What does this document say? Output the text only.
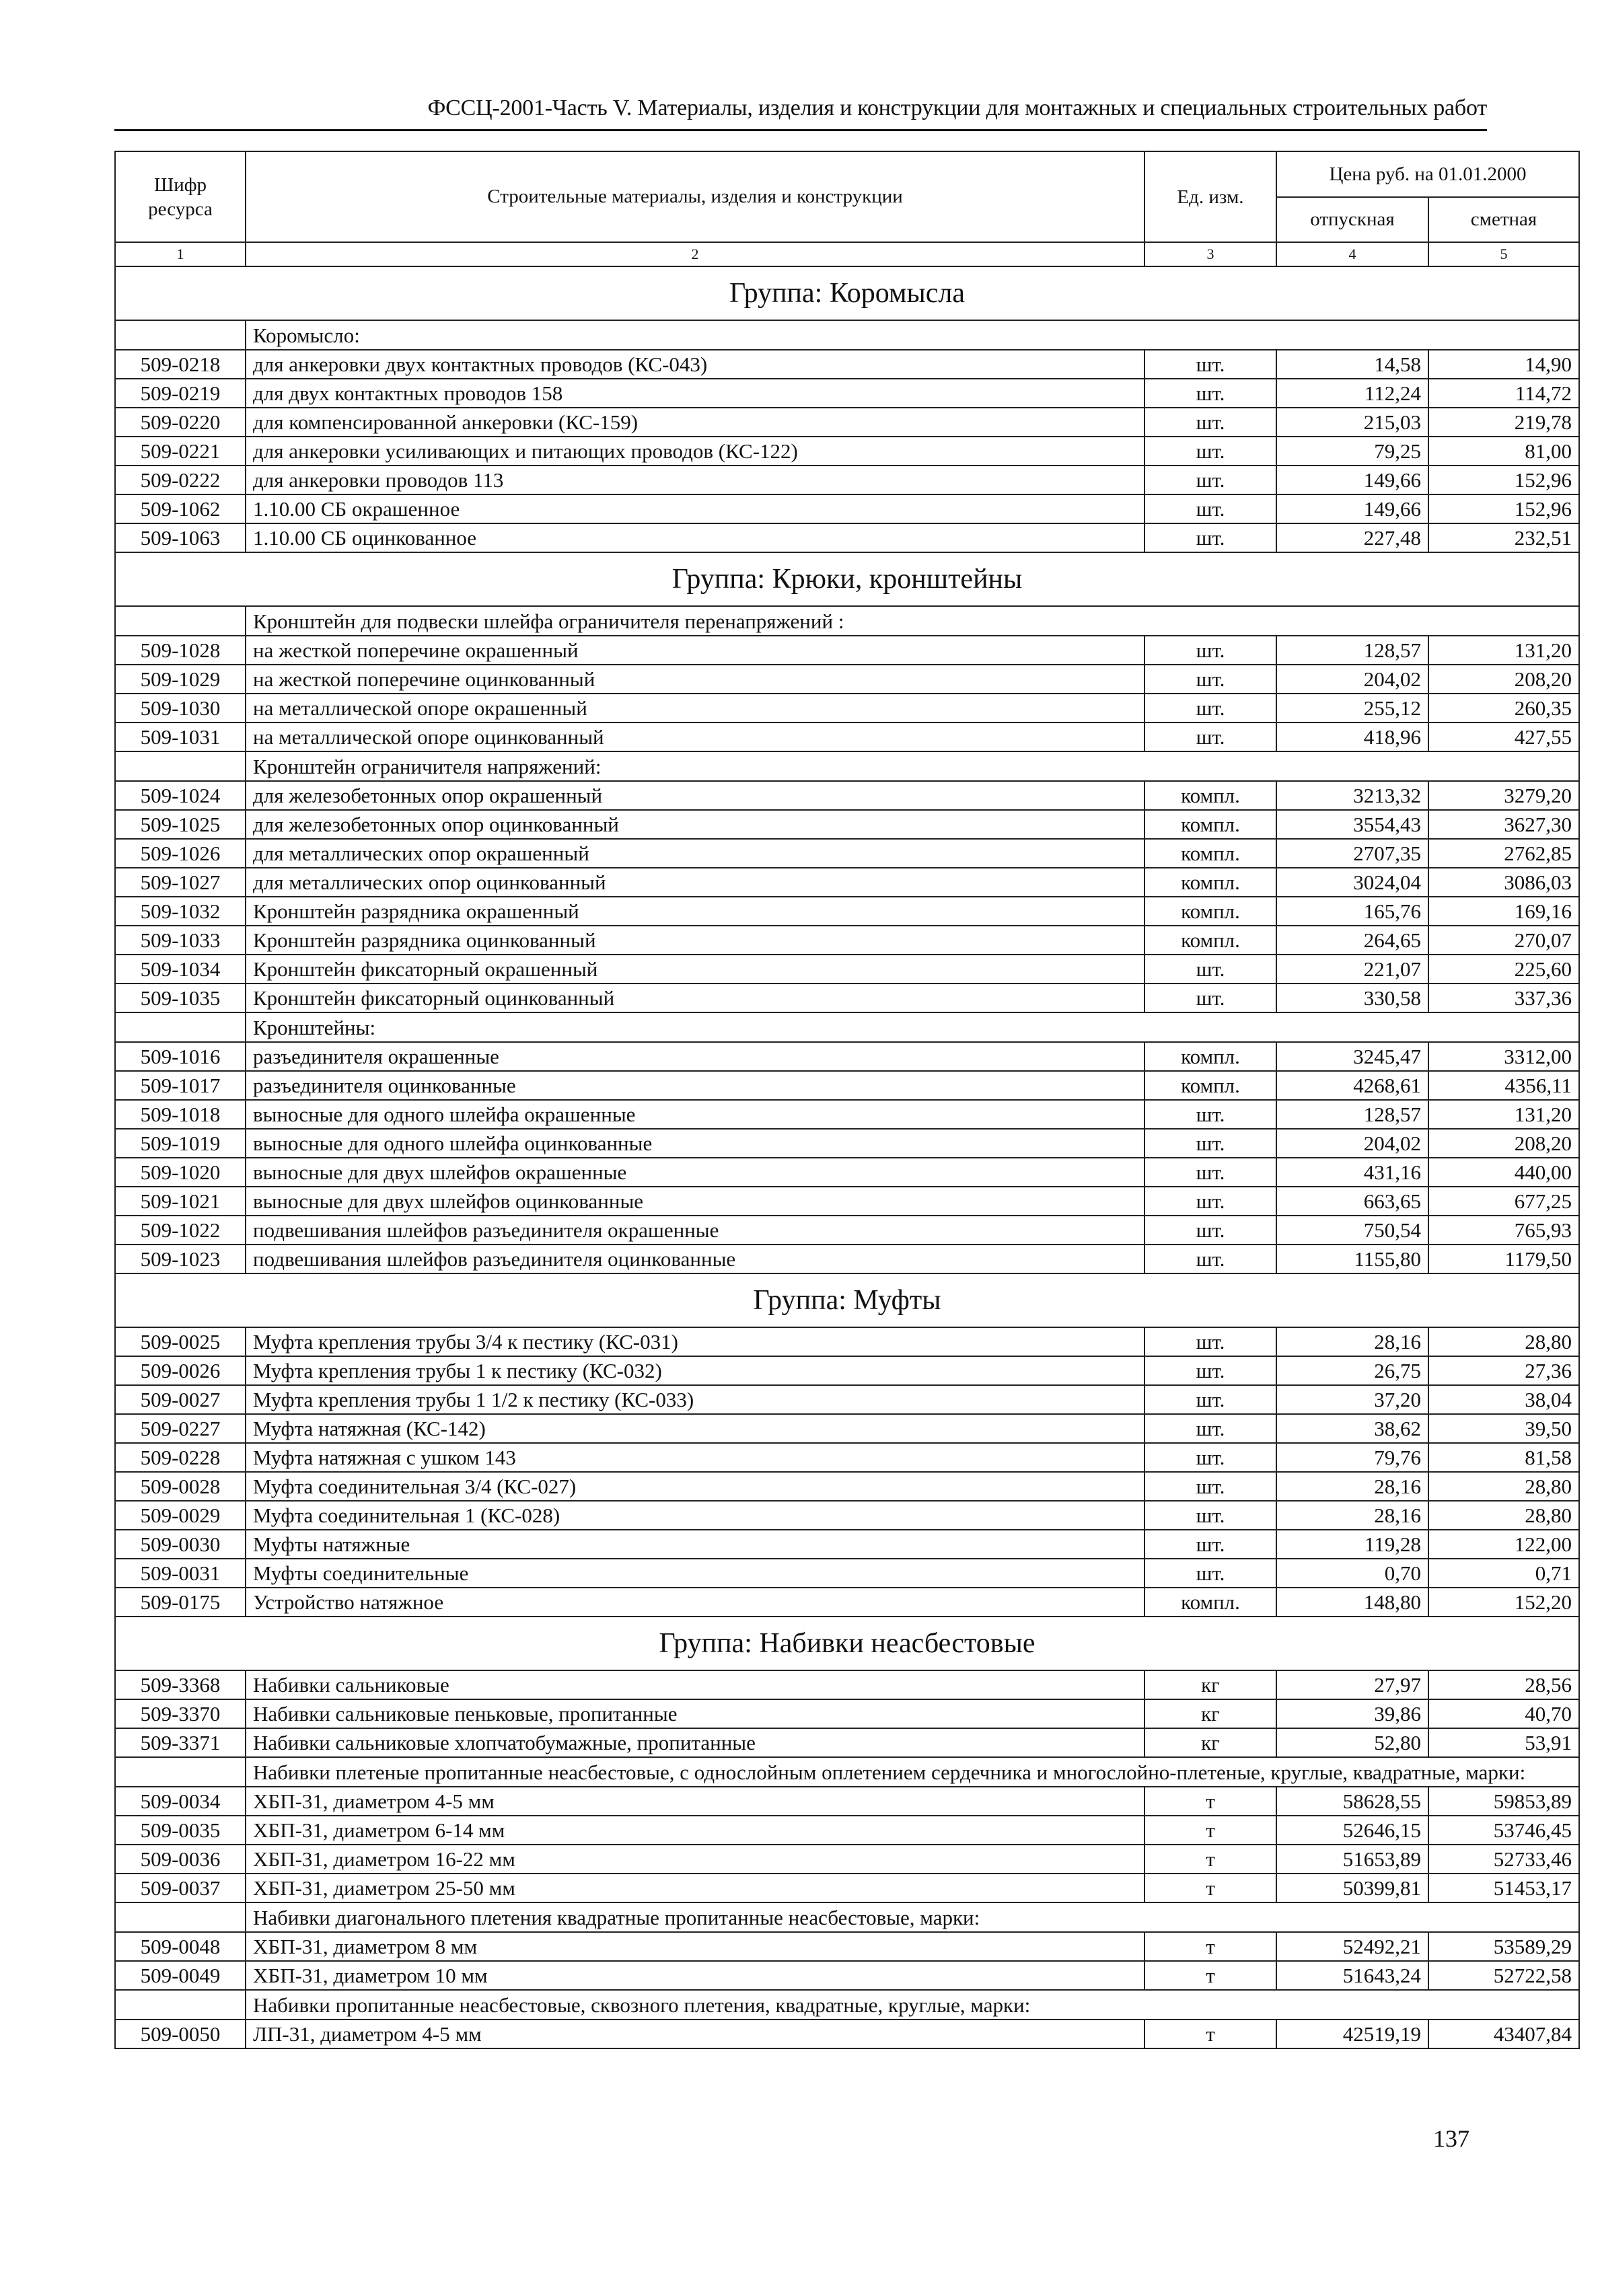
ФССЦ-2001-Часть V. Материалы, изделия и конструкции для монтажных и специальных строительных работ
Шифр ресурса	Строительные материалы, изделия и конструкции	Ед. изм.	Цена руб. на 01.01.2000	
			отпускная	сметная
1	2	3	4	5
Группа: Коромысла				
	Коромысло:			
509-0218	для анкеровки двух контактных проводов (КС-043)	шт.	14,58	14,90
509-0219	для двух контактных проводов 158	шт.	112,24	114,72
509-0220	для компенсированной анкеровки (КС-159)	шт.	215,03	219,78
509-0221	для анкеровки усиливающих и питающих проводов (КС-122)	шт.	79,25	81,00
509-0222	для анкеровки проводов 113	шт.	149,66	152,96
509-1062	1.10.00 СБ окрашенное	шт.	149,66	152,96
509-1063	1.10.00 СБ оцинкованное	шт.	227,48	232,51
Группа: Крюки, кронштейны				
	Кронштейн для подвески шлейфа ограничителя перенапряжений :			
509-1028	на жесткой поперечине окрашенный	шт.	128,57	131,20
509-1029	на жесткой поперечине оцинкованный	шт.	204,02	208,20
509-1030	на металлической опоре окрашенный	шт.	255,12	260,35
509-1031	на металлической опоре оцинкованный	шт.	418,96	427,55
	Кронштейн ограничителя напряжений:			
509-1024	для железобетонных опор окрашенный	компл.	3213,32	3279,20
509-1025	для железобетонных опор оцинкованный	компл.	3554,43	3627,30
509-1026	для металлических опор окрашенный	компл.	2707,35	2762,85
509-1027	для металлических опор оцинкованный	компл.	3024,04	3086,03
509-1032	Кронштейн разрядника окрашенный	компл.	165,76	169,16
509-1033	Кронштейн разрядника оцинкованный	компл.	264,65	270,07
509-1034	Кронштейн фиксаторный окрашенный	шт.	221,07	225,60
509-1035	Кронштейн фиксаторный оцинкованный	шт.	330,58	337,36
	Кронштейны:			
509-1016	разъединителя окрашенные	компл.	3245,47	3312,00
509-1017	разъединителя оцинкованные	компл.	4268,61	4356,11
509-1018	выносные для одного шлейфа окрашенные	шт.	128,57	131,20
509-1019	выносные для одного шлейфа оцинкованные	шт.	204,02	208,20
509-1020	выносные для двух шлейфов окрашенные	шт.	431,16	440,00
509-1021	выносные для двух шлейфов оцинкованные	шт.	663,65	677,25
509-1022	подвешивания шлейфов разъединителя окрашенные	шт.	750,54	765,93
509-1023	подвешивания шлейфов разъединителя оцинкованные	шт.	1155,80	1179,50
Группа: Муфты				
509-0025	Муфта крепления трубы 3/4 к пестику (КС-031)	шт.	28,16	28,80
509-0026	Муфта крепления трубы 1 к пестику (КС-032)	шт.	26,75	27,36
509-0027	Муфта крепления трубы 1 1/2 к пестику (КС-033)	шт.	37,20	38,04
509-0227	Муфта натяжная (КС-142)	шт.	38,62	39,50
509-0228	Муфта натяжная с ушком 143	шт.	79,76	81,58
509-0028	Муфта соединительная 3/4 (КС-027)	шт.	28,16	28,80
509-0029	Муфта соединительная 1 (КС-028)	шт.	28,16	28,80
509-0030	Муфты натяжные	шт.	119,28	122,00
509-0031	Муфты соединительные	шт.	0,70	0,71
509-0175	Устройство натяжное	компл.	148,80	152,20
Группа: Набивки неасбестовые				
509-3368	Набивки сальниковые	кг	27,97	28,56
509-3370	Набивки сальниковые пеньковые, пропитанные	кг	39,86	40,70
509-3371	Набивки сальниковые хлопчатобумажные, пропитанные	кг	52,80	53,91
	Набивки плетеные пропитанные неасбестовые, с однослойным оплетением сердечника и многослойно-плетеные, круглые, квадратные, марки:			
509-0034	ХБП-31, диаметром 4-5 мм	т	58628,55	59853,89
509-0035	ХБП-31, диаметром 6-14 мм	т	52646,15	53746,45
509-0036	ХБП-31, диаметром 16-22 мм	т	51653,89	52733,46
509-0037	ХБП-31, диаметром 25-50 мм	т	50399,81	51453,17
	Набивки диагонального плетения квадратные пропитанные неасбестовые, марки:			
509-0048	ХБП-31, диаметром 8 мм	т	52492,21	53589,29
509-0049	ХБП-31, диаметром 10 мм	т	51643,24	52722,58
	Набивки пропитанные неасбестовые, сквозного плетения, квадратные, круглые, марки:			
509-0050	ЛП-31, диаметром 4-5 мм	т	42519,19	43407,84
137
